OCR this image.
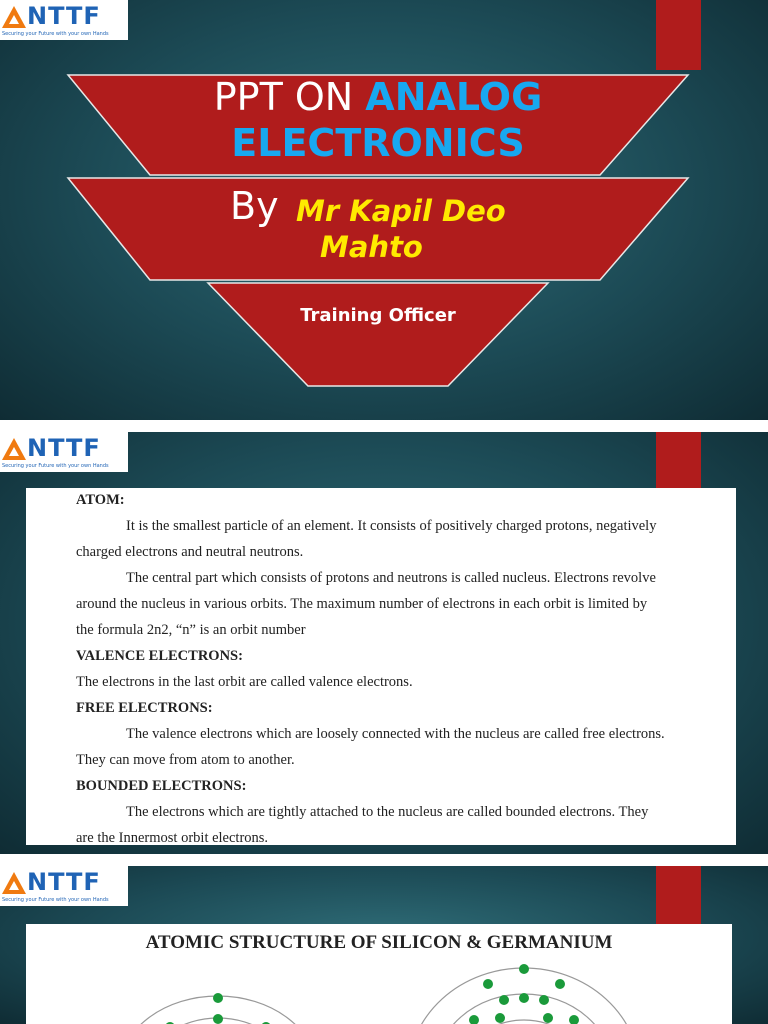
NTTF
Securing your Future with your own Hands
PPT ON ANALOG
ELECTRONICS
By Mr Kapil Deo
Mahto
Training Officer
NTTF
Securing your Future with your own Hands

ATOM:

It is the smallest particle of an element. It consists of positively charged protons, negatively

charged electrons and neutral neutrons.

The central part which consists of protons and neutrons is called nucleus. Electrons revolve

around the nucleus in various orbits. The maximum number of electrons in each orbit is limited by

the formula 2n2, “n” is an orbit number

VALENCE ELECTRONS:

The electrons in the last orbit are called valence electrons.

FREE ELECTRONS:

The valence electrons which are loosely connected with the nucleus are called free electrons.

They can move from atom to another.

BOUNDED ELECTRONS:

The electrons which are tightly attached to the nucleus are called bounded electrons. They

are the Innermost orbit electrons.

NTTF
Securing your Future with your own Hands
ATOMIC STRUCTURE OF SILICON & GERMANIUM
